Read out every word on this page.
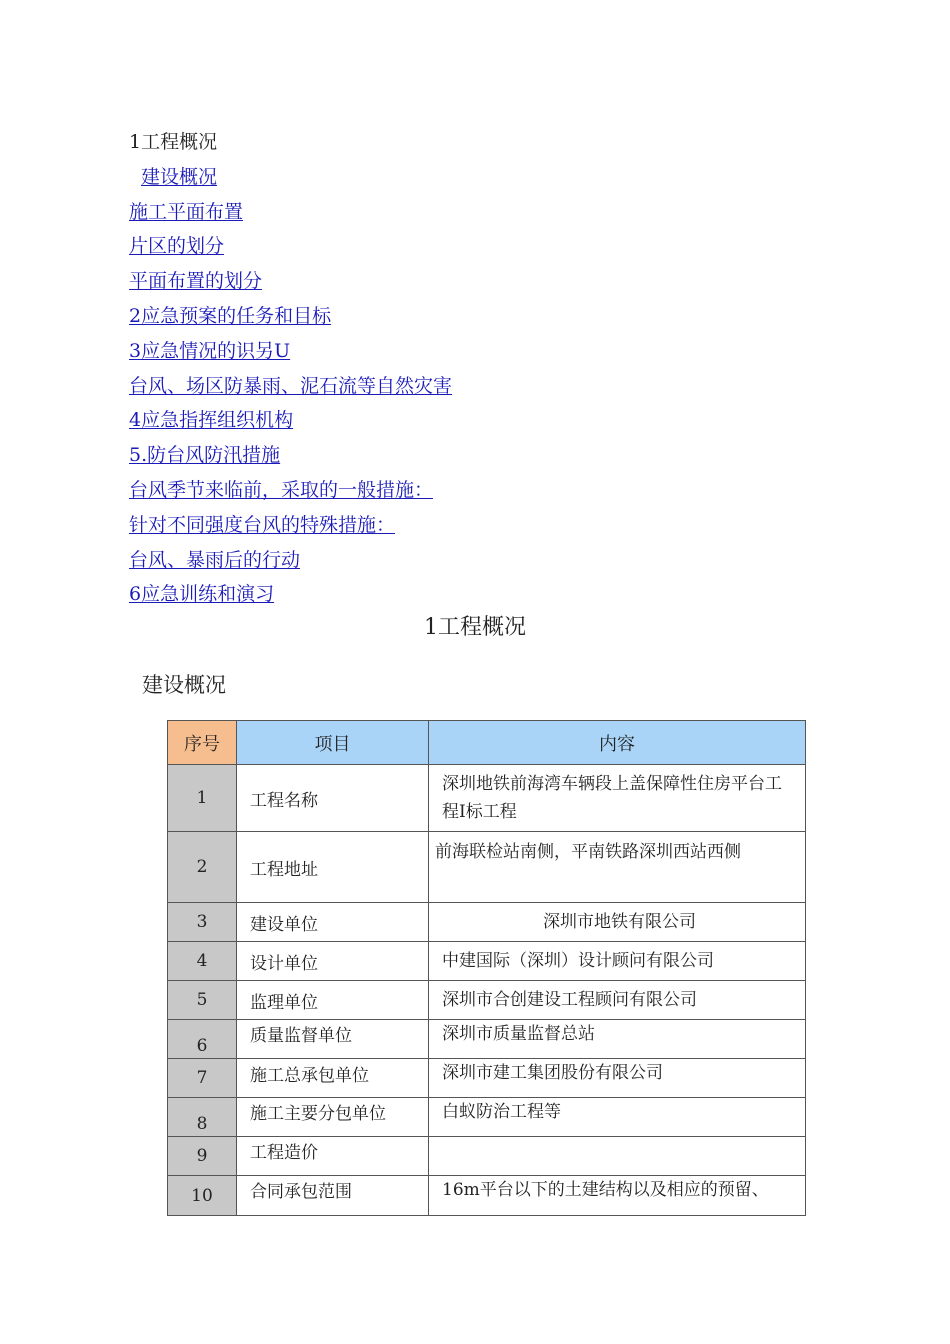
1工程概况
建设概况
施工平面布置
片区的划分
平面布置的划分
2应急预案的任务和目标
3应急情况的识另U
台风、场区防暴雨、泥石流等自然灾害
4应急指挥组织机构
5.防台风防汛措施
台风季节来临前，采取的一般措施：
针对不同强度台风的特殊措施：
台风、暴雨后的行动
6应急训练和演习
1工程概况
建设概况
序号	项目	内容
1	工程名称	深圳地铁前海湾车辆段上盖保障性住房平台工程I标工程
2	工程地址	前海联检站南侧，平南铁路深圳西站西侧
3	建设单位	深圳市地铁有限公司
4	设计单位	中建国际（深圳）设计顾问有限公司
5	监理单位	深圳市合创建设工程顾问有限公司
6	质量监督单位	深圳市质量监督总站
7	施工总承包单位	深圳市建工集团股份有限公司
8	施工主要分包单位	白蚁防治工程等
9	工程造价	
10	合同承包范围	16m平台以下的土建结构以及相应的预留、
